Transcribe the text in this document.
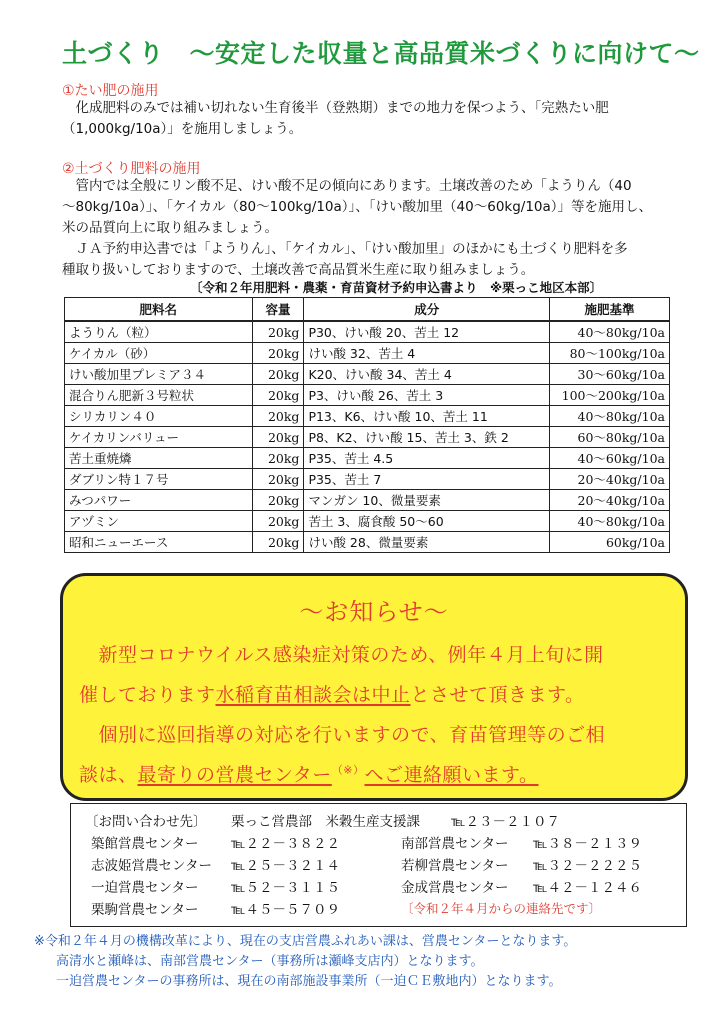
土づくり　～安定した収量と高品質米づくりに向けて～
①たい肥の施用

　化成肥料のみでは補い切れない生育後半（登熟期）までの地力を保つよう、「完熟たい肥

（1,000kg/10a）」を施用しましょう。

②土づくり肥料の施用

　管内では全般にリン酸不足、けい酸不足の傾向にあります。土壌改善のため「ようりん（40

～80kg/10a）」、「ケイカル（80～100kg/10a）」、「けい酸加里（40～60kg/10a）」等を施用し、

米の品質向上に取り組みましょう。

　ＪＡ予約申込書では「ようりん」、「ケイカル」、「けい酸加里」のほかにも土づくり肥料を多

種取り扱いしておりますので、土壌改善で高品質米生産に取り組みましょう。

〔令和２年用肥料・農薬・育苗資材予約申込書より　※栗っこ地区本部〕
肥料名	容量	成分	施肥基準
ようりん（粒）	20kg	P30、けい酸 20、苦土 12	40～80kg/10a
ケイカル（砂）	20kg	けい酸 32、苦土 4	80～100kg/10a
けい酸加里プレミア３４	20kg	K20、けい酸 34、苦土 4	30～60kg/10a
混合りん肥新３号粒状	20kg	P3、けい酸 26、苦土 3	100～200kg/10a
シリカリン４０	20kg	P13、K6、けい酸 10、苦土 11	40～80kg/10a
ケイカリンバリュー	20kg	P8、K2、けい酸 15、苦土 3、鉄 2	60～80kg/10a
苦土重焼燐	20kg	P35、苦土 4.5	40～60kg/10a
ダブリン特１７号	20kg	P35、苦土 7	20～40kg/10a
みつパワー	20kg	マンガン 10、微量要素	20～40kg/10a
アヅミン	20kg	苦土 3、腐食酸 50～60	40～80kg/10a
昭和ニューエース	20kg	けい酸 28、微量要素	60kg/10a
～お知らせ～
　新型コロナウイルス感染症対策のため、例年４月上旬に開
催しております水稲育苗相談会は中止とさせて頂きます。
　個別に巡回指導の対応を行いますので、育苗管理等のご相
談は、最寄りの営農センター（※）へご連絡願います。
〔お問い合わせ先〕 栗っこ営農部　米穀生産支援課 ℡２３－２１０７
築館営農センター ℡２２－３８２２
志波姫営農センター ℡２５－３２１４
一迫営農センター ℡５２－３１１５
栗駒営農センター ℡４５－５７０９
南部営農センター ℡３８－２１３９
若柳営農センター ℡３２－２２２５
金成営農センター ℡４２－１２４６
〔令和２年４月からの連絡先です〕
※令和２年４月の機構改革により、現在の支店営農ふれあい課は、営農センターとなります。
高清水と瀬峰は、南部営農センター（事務所は瀬峰支店内）となります。
一迫営農センターの事務所は、現在の南部施設事業所（一迫ＣＥ敷地内）となります。
